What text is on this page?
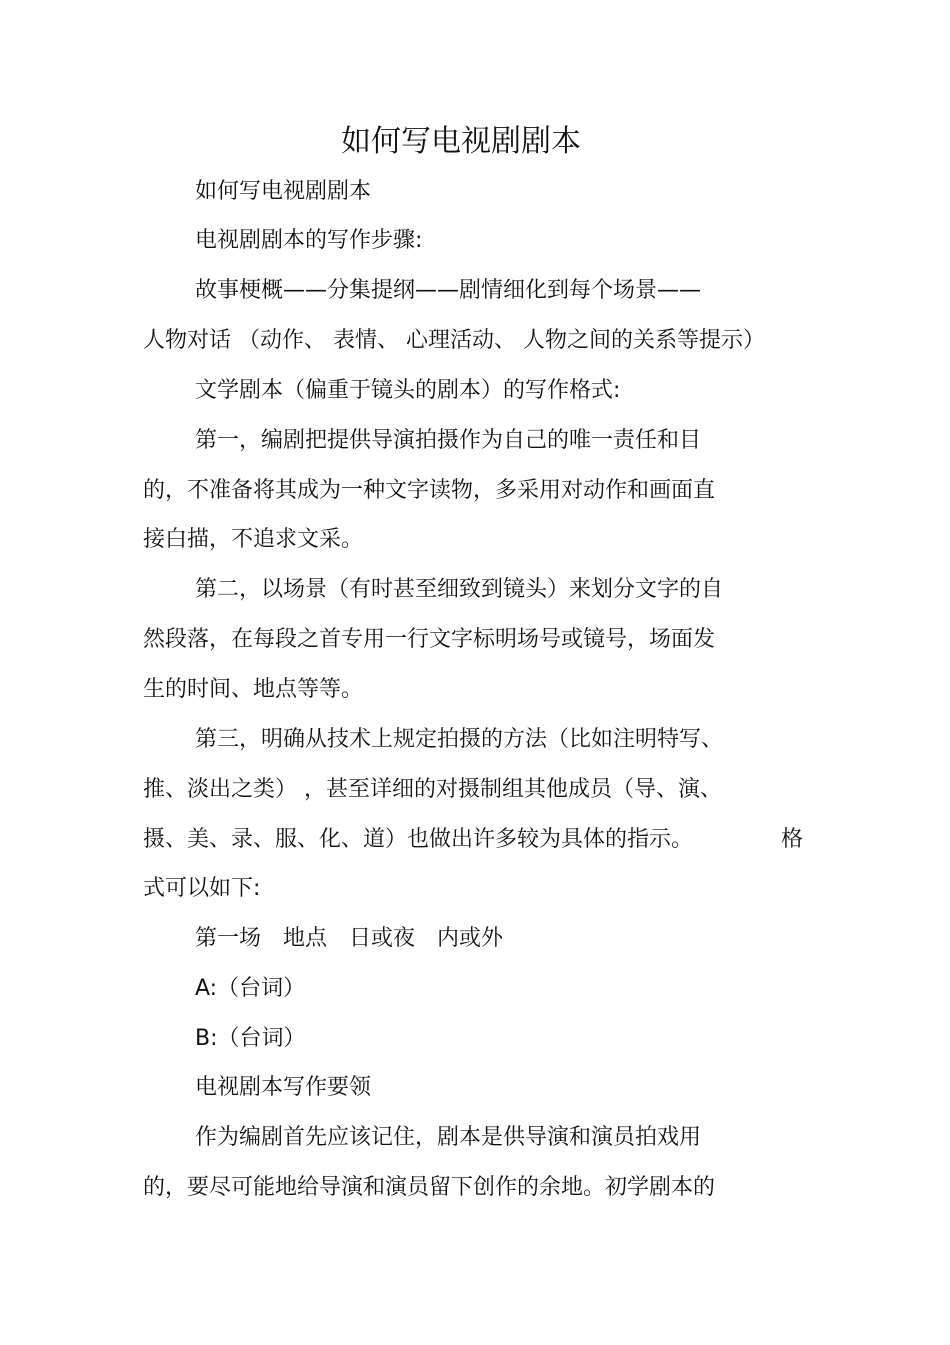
如何写电视剧剧本
如何写电视剧剧本
电视剧剧本的写作步骤:
故事梗概——分集提纲——剧情细化到每个场景——
人物对话 （动作、 表情、 心理活动、 人物之间的关系等提示）
文学剧本（偏重于镜头的剧本）的写作格式:
第一，编剧把提供导演拍摄作为自己的唯一责任和目
的，不准备将其成为一种文字读物，多采用对动作和画面直
接白描，不追求文采。
第二，以场景（有时甚至细致到镜头）来划分文字的自
然段落，在每段之首专用一行文字标明场号或镜号，场面发
生的时间、地点等等。
第三，明确从技术上规定拍摄的方法（比如注明特写、
推、淡出之类） ，甚至详细的对摄制组其他成员（导、演、
摄、美、录、服、化、道）也做出许多较为具体的指示。	格
式可以如下:
第一场　地点　日或夜　内或外
A:（台词）
B:（台词）
电视剧本写作要领
作为编剧首先应该记住，剧本是供导演和演员拍戏用
的，要尽可能地给导演和演员留下创作的余地。初学剧本的
